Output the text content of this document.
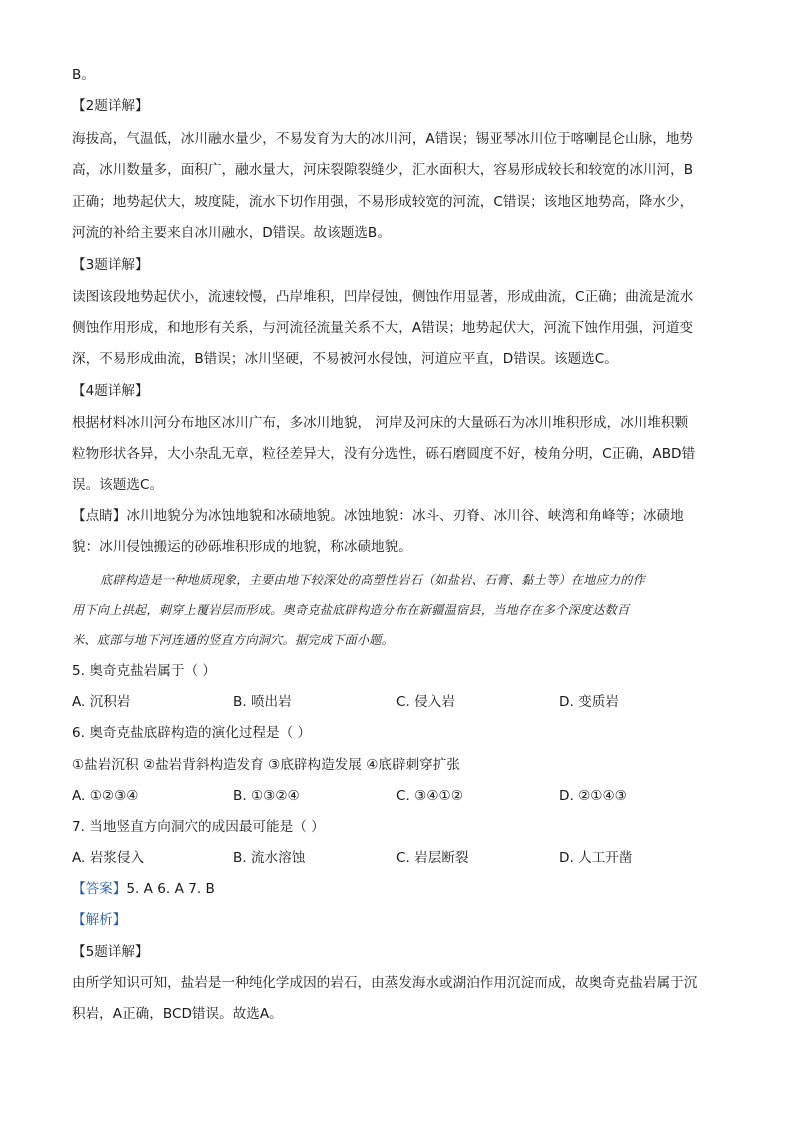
B。
【2题详解】
海拔高，气温低，冰川融水量少，不易发育为大的冰川河，A错误；锡亚琴冰川位于喀喇昆仑山脉，地势
高，冰川数量多，面积广，融水量大，河床裂隙裂缝少，汇水面积大，容易形成较长和较宽的冰川河，B
正确；地势起伏大，坡度陡，流水下切作用强，不易形成较宽的河流，C错误；该地区地势高，降水少，
河流的补给主要来自冰川融水，D错误。故该题选B。
【3题详解】
读图该段地势起伏小，流速较慢，凸岸堆积，凹岸侵蚀，侧蚀作用显著，形成曲流，C正确；曲流是流水
侧蚀作用形成，和地形有关系，与河流径流量关系不大，A错误；地势起伏大，河流下蚀作用强，河道变
深，不易形成曲流，B错误；冰川坚硬，不易被河水侵蚀，河道应平直，D错误。该题选C。
【4题详解】
根据材料冰川河分布地区冰川广布，多冰川地貌， 河岸及河床的大量砾石为冰川堆积形成，冰川堆积颗
粒物形状各异，大小杂乱无章，粒径差异大，没有分选性，砾石磨圆度不好，棱角分明，C正确，ABD错
误。该题选C。
【点睛】冰川地貌分为冰蚀地貌和冰碛地貌。冰蚀地貌：冰斗、刃脊、冰川谷、峡湾和角峰等；冰碛地
貌：冰川侵蚀搬运的砂砾堆积形成的地貌，称冰碛地貌。
底辟构造是一种地质现象，主要由地下较深处的高塑性岩石（如盐岩、石膏、黏土等）在地应力的作
用下向上拱起，刺穿上覆岩层而形成。奥奇克盐底辟构造分布在新疆温宿县，当地存在多个深度达数百
米、底部与地下河连通的竖直方向洞穴。据完成下面小题。
5. 奥奇克盐岩属于（ ）
A. 沉积岩	B. 喷出岩	C. 侵入岩	D. 变质岩
6. 奥奇克盐底辟构造的演化过程是（ ）
①盐岩沉积 ②盐岩背斜构造发育 ③底辟构造发展 ④底辟刺穿扩张
A. ①②③④	B. ①③②④	C. ③④①②	D. ②①④③
7. 当地竖直方向洞穴的成因最可能是（ ）
A. 岩浆侵入	B. 流水溶蚀	C. 岩层断裂	D. 人工开凿
【答案】5. A 6. A 7. B
【解析】
【5题详解】
由所学知识可知，盐岩是一种纯化学成因的岩石，由蒸发海水或湖泊作用沉淀而成，故奥奇克盐岩属于沉
积岩，A正确，BCD错误。故选A。
